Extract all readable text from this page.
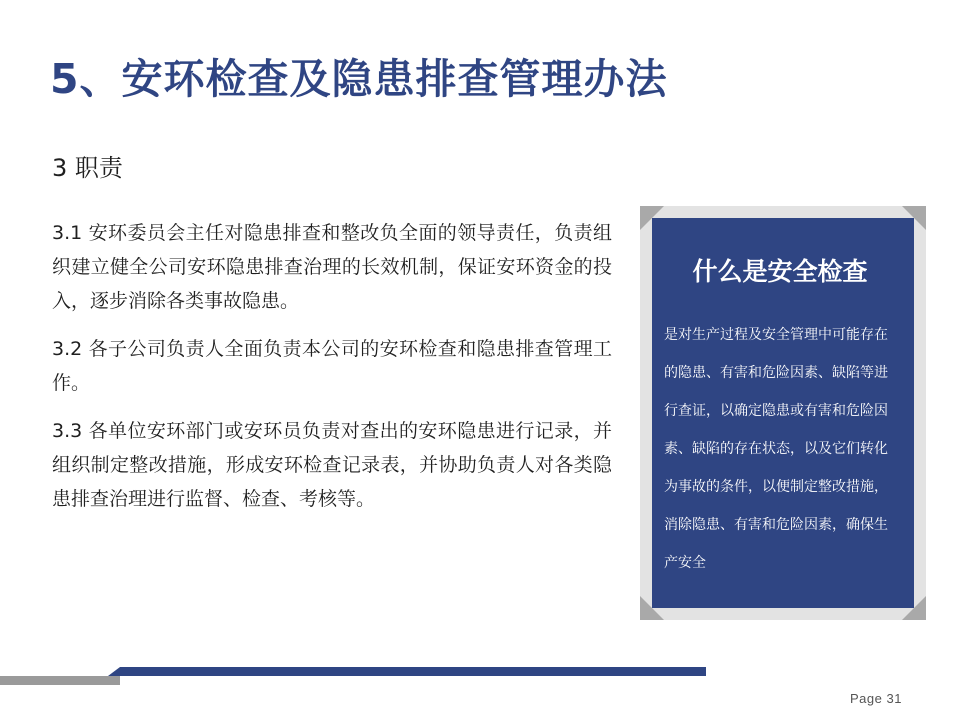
5、安环检查及隐患排查管理办法
3 职责

3.1 安环委员会主任对隐患排查和整改负全面的领导责任，负责组织建立健全公司安环隐患排查治理的长效机制，保证安环资金的投入，逐步消除各类事故隐患。

3.2 各子公司负责人全面负责本公司的安环检查和隐患排查管理工作。

3.3 各单位安环部门或安环员负责对查出的安环隐患进行记录，并组织制定整改措施，形成安环检查记录表，并协助负责人对各类隐患排查治理进行监督、检查、考核等。

什么是安全检查
是对生产过程及安全管理中可能存在的隐患、有害和危险因素、缺陷等进行查证，以确定隐患或有害和危险因素、缺陷的存在状态，以及它们转化为事故的条件，以便制定整改措施，消除隐患、有害和危险因素，确保生产安全
Page 31
